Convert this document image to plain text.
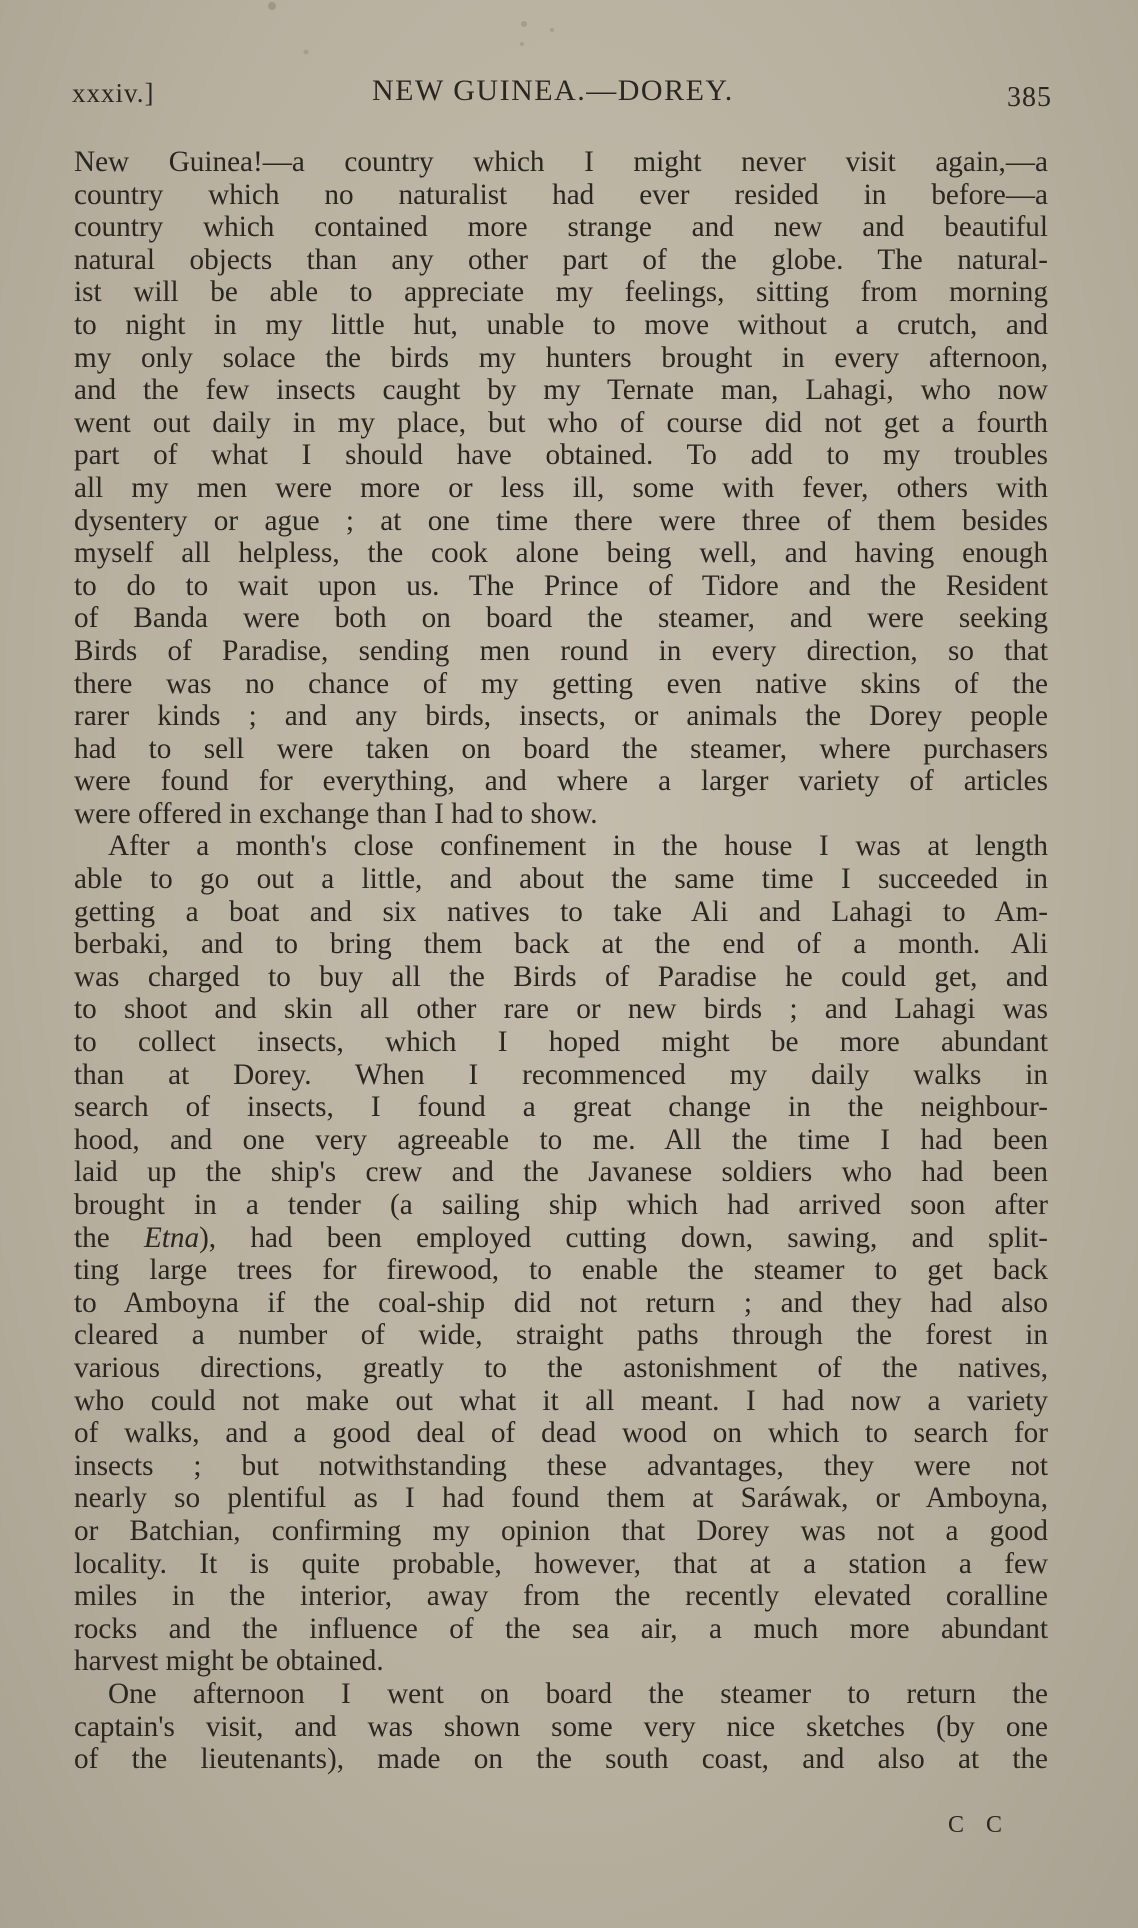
xxxiv.]	NEW GUINEA.—DOREY.	385
New Guinea!—a country which I might never visit again,—a
country which no naturalist had ever resided in before—a
country which contained more strange and new and beautiful
natural objects than any other part of the globe. The natural-
ist will be able to appreciate my feelings, sitting from morning
to night in my little hut, unable to move without a crutch, and
my only solace the birds my hunters brought in every afternoon,
and the few insects caught by my Ternate man, Lahagi, who now
went out daily in my place, but who of course did not get a fourth
part of what I should have obtained. To add to my troubles
all my men were more or less ill, some with fever, others with
dysentery or ague ; at one time there were three of them besides
myself all helpless, the cook alone being well, and having enough
to do to wait upon us. The Prince of Tidore and the Resident
of Banda were both on board the steamer, and were seeking
Birds of Paradise, sending men round in every direction, so that
there was no chance of my getting even native skins of the
rarer kinds ; and any birds, insects, or animals the Dorey people
had to sell were taken on board the steamer, where purchasers
were found for everything, and where a larger variety of articles
were offered in exchange than I had to show.
After a month's close confinement in the house I was at length
able to go out a little, and about the same time I succeeded in
getting a boat and six natives to take Ali and Lahagi to Am-
berbaki, and to bring them back at the end of a month. Ali
was charged to buy all the Birds of Paradise he could get, and
to shoot and skin all other rare or new birds ; and Lahagi was
to collect insects, which I hoped might be more abundant
than at Dorey. When I recommenced my daily walks in
search of insects, I found a great change in the neighbour-
hood, and one very agreeable to me. All the time I had been
laid up the ship's crew and the Javanese soldiers who had been
brought in a tender (a sailing ship which had arrived soon after
the Etna), had been employed cutting down, sawing, and split-
ting large trees for firewood, to enable the steamer to get back
to Amboyna if the coal-ship did not return ; and they had also
cleared a number of wide, straight paths through the forest in
various directions, greatly to the astonishment of the natives,
who could not make out what it all meant. I had now a variety
of walks, and a good deal of dead wood on which to search for
insects ; but notwithstanding these advantages, they were not
nearly so plentiful as I had found them at Saráwak, or Amboyna,
or Batchian, confirming my opinion that Dorey was not a good
locality. It is quite probable, however, that at a station a few
miles in the interior, away from the recently elevated coralline
rocks and the influence of the sea air, a much more abundant
harvest might be obtained.
One afternoon I went on board the steamer to return the
captain's visit, and was shown some very nice sketches (by one
of the lieutenants), made on the south coast, and also at the
C C
